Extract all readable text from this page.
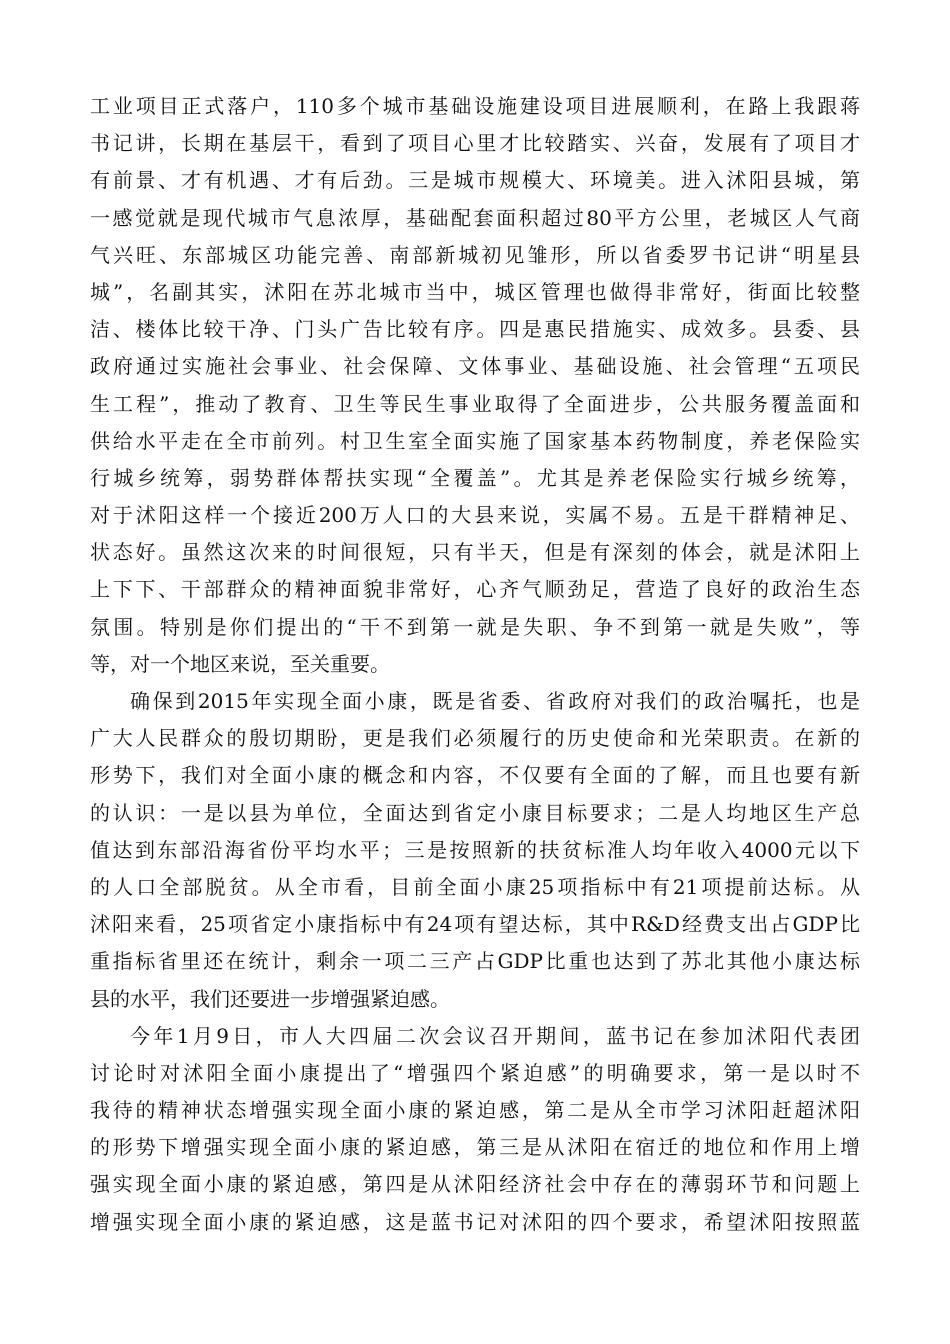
工业项目正式落户，110多个城市基础设施建设项目进展顺利，在路上我跟蒋
书记讲，长期在基层干，看到了项目心里才比较踏实、兴奋，发展有了项目才
有前景、才有机遇、才有后劲。三是城市规模大、环境美。进入沭阳县城，第
一感觉就是现代城市气息浓厚，基础配套面积超过80平方公里，老城区人气商
气兴旺、东部城区功能完善、南部新城初见雏形，所以省委罗书记讲“明星县
城”，名副其实，沭阳在苏北城市当中，城区管理也做得非常好，街面比较整
洁、楼体比较干净、门头广告比较有序。四是惠民措施实、成效多。县委、县
政府通过实施社会事业、社会保障、文体事业、基础设施、社会管理“五项民
生工程”，推动了教育、卫生等民生事业取得了全面进步，公共服务覆盖面和
供给水平走在全市前列。村卫生室全面实施了国家基本药物制度，养老保险实
行城乡统筹，弱势群体帮扶实现“全覆盖”。尤其是养老保险实行城乡统筹，
对于沭阳这样一个接近200万人口的大县来说，实属不易。五是干群精神足、
状态好。虽然这次来的时间很短，只有半天，但是有深刻的体会，就是沭阳上
上下下、干部群众的精神面貌非常好，心齐气顺劲足，营造了良好的政治生态
氛围。特别是你们提出的“干不到第一就是失职、争不到第一就是失败”，等
等，对一个地区来说，至关重要。
确保到2015年实现全面小康，既是省委、省政府对我们的政治嘱托，也是
广大人民群众的殷切期盼，更是我们必须履行的历史使命和光荣职责。在新的
形势下，我们对全面小康的概念和内容，不仅要有全面的了解，而且也要有新
的认识：一是以县为单位，全面达到省定小康目标要求；二是人均地区生产总
值达到东部沿海省份平均水平；三是按照新的扶贫标准人均年收入4000元以下
的人口全部脱贫。从全市看，目前全面小康25项指标中有21项提前达标。从
沭阳来看，25项省定小康指标中有24项有望达标，其中R&D经费支出占GDP比
重指标省里还在统计，剩余一项二三产占GDP比重也达到了苏北其他小康达标
县的水平，我们还要进一步增强紧迫感。
今年1月9日，市人大四届二次会议召开期间，蓝书记在参加沭阳代表团
讨论时对沭阳全面小康提出了“增强四个紧迫感”的明确要求，第一是以时不
我待的精神状态增强实现全面小康的紧迫感，第二是从全市学习沭阳赶超沭阳
的形势下增强实现全面小康的紧迫感，第三是从沭阳在宿迁的地位和作用上增
强实现全面小康的紧迫感，第四是从沭阳经济社会中存在的薄弱环节和问题上
增强实现全面小康的紧迫感，这是蓝书记对沭阳的四个要求，希望沭阳按照蓝
